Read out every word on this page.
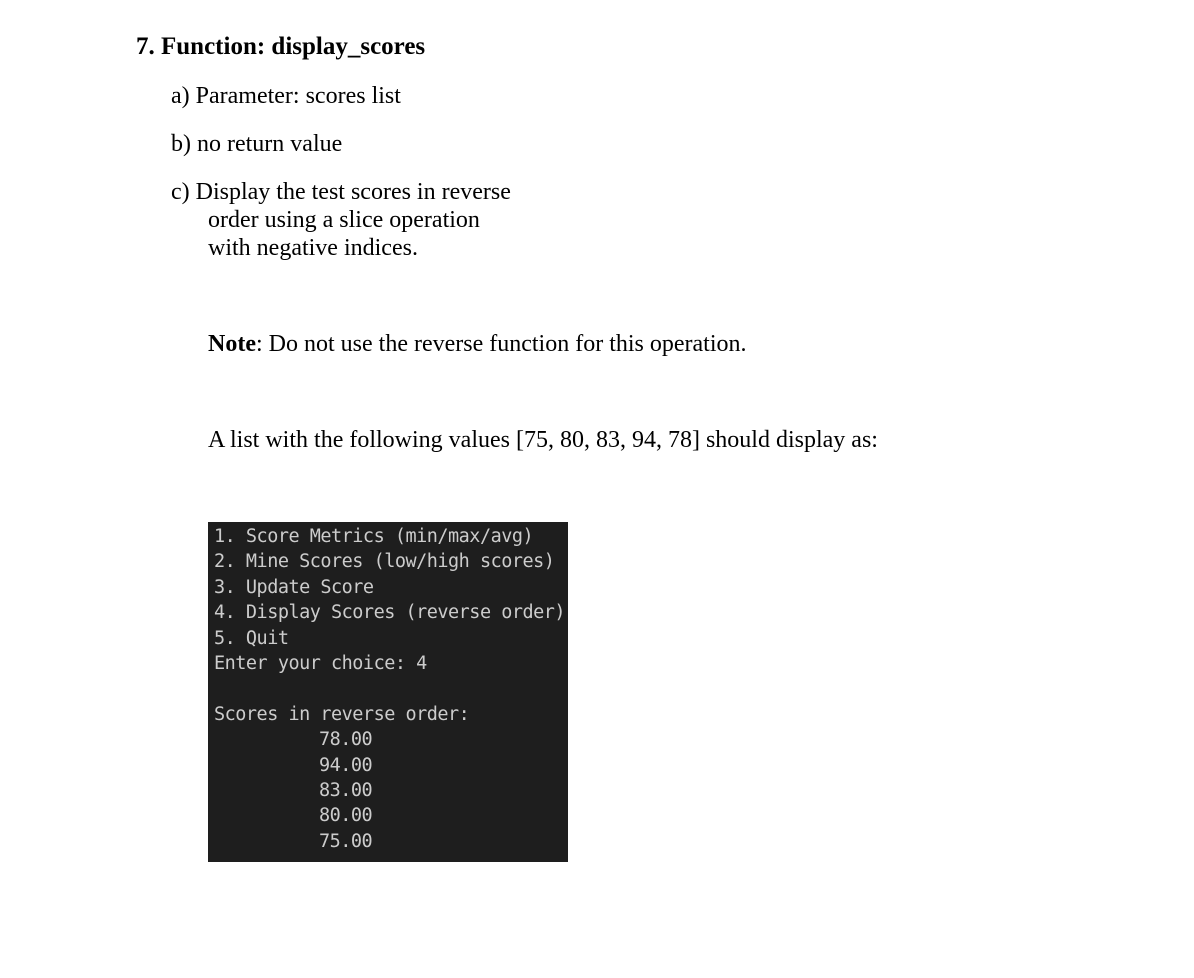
7. Function: display_scores
a) Parameter: scores list
b) no return value
c) Display the test scores in reverse
order using a slice operation
with negative indices.
Note: Do not use the reverse function for this operation.
A list with the following values [75, 80, 83, 94, 78] should display as:
1. Score Metrics (min/max/avg)
2. Mine Scores (low/high scores)
3. Update Score
4. Display Scores (reverse order)
5. Quit
Enter your choice: 4
Scores in reverse order:
78.00
94.00
83.00
80.00
75.00
